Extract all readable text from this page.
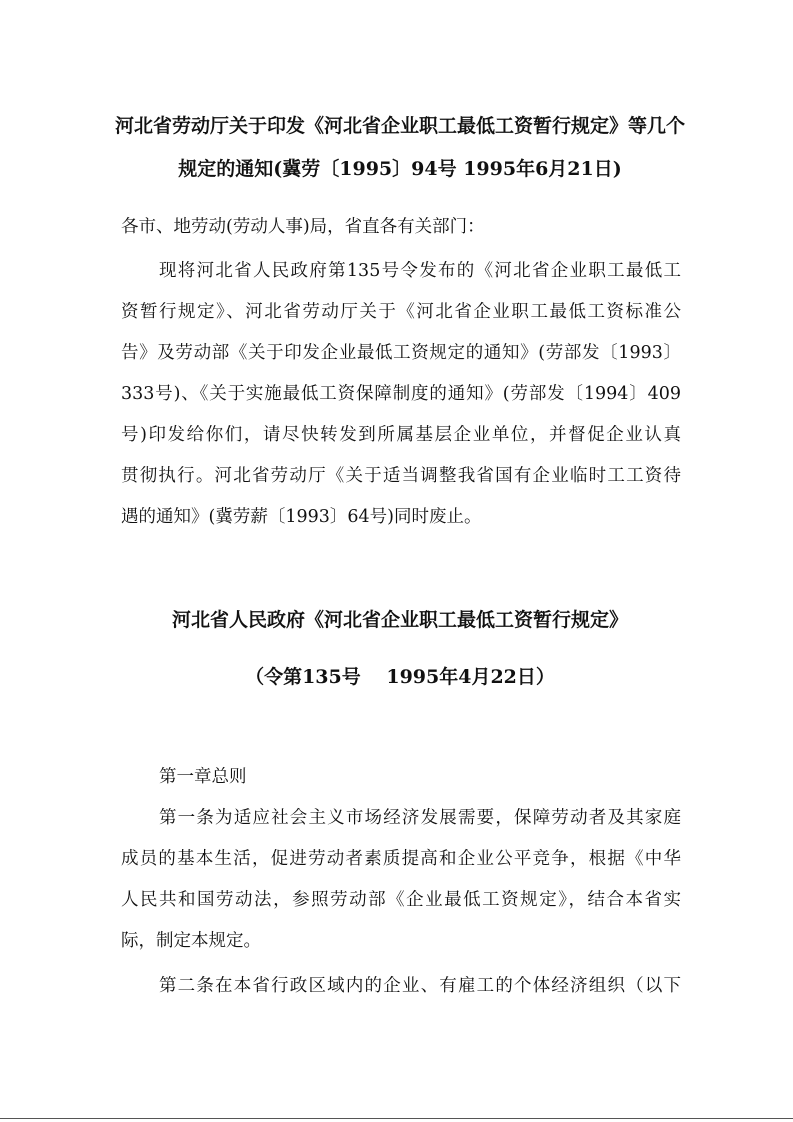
河北省劳动厅关于印发《河北省企业职工最低工资暂行规定》等几个
规定的通知(冀劳〔1995〕94号 1995年6月21日)
各市、地劳动(劳动人事)局，省直各有关部门：
现将河北省人民政府第135号令发布的《河北省企业职工最低工
资暂行规定》、河北省劳动厅关于《河北省企业职工最低工资标准公
告》及劳动部《关于印发企业最低工资规定的通知》(劳部发〔1993〕
333号)、《关于实施最低工资保障制度的通知》(劳部发〔1994〕409
号)印发给你们，请尽快转发到所属基层企业单位，并督促企业认真
贯彻执行。河北省劳动厅《关于适当调整我省国有企业临时工工资待
遇的通知》(冀劳薪〔1993〕64号)同时废止。
河北省人民政府《河北省企业职工最低工资暂行规定》
（令第135号　 1995年4月22日）
第一章总则
第一条为适应社会主义市场经济发展需要，保障劳动者及其家庭
成员的基本生活，促进劳动者素质提高和企业公平竞争，根据《中华
人民共和国劳动法，参照劳动部《企业最低工资规定》，结合本省实
际，制定本规定。
第二条在本省行政区域内的企业、有雇工的个体经济组织（以下
